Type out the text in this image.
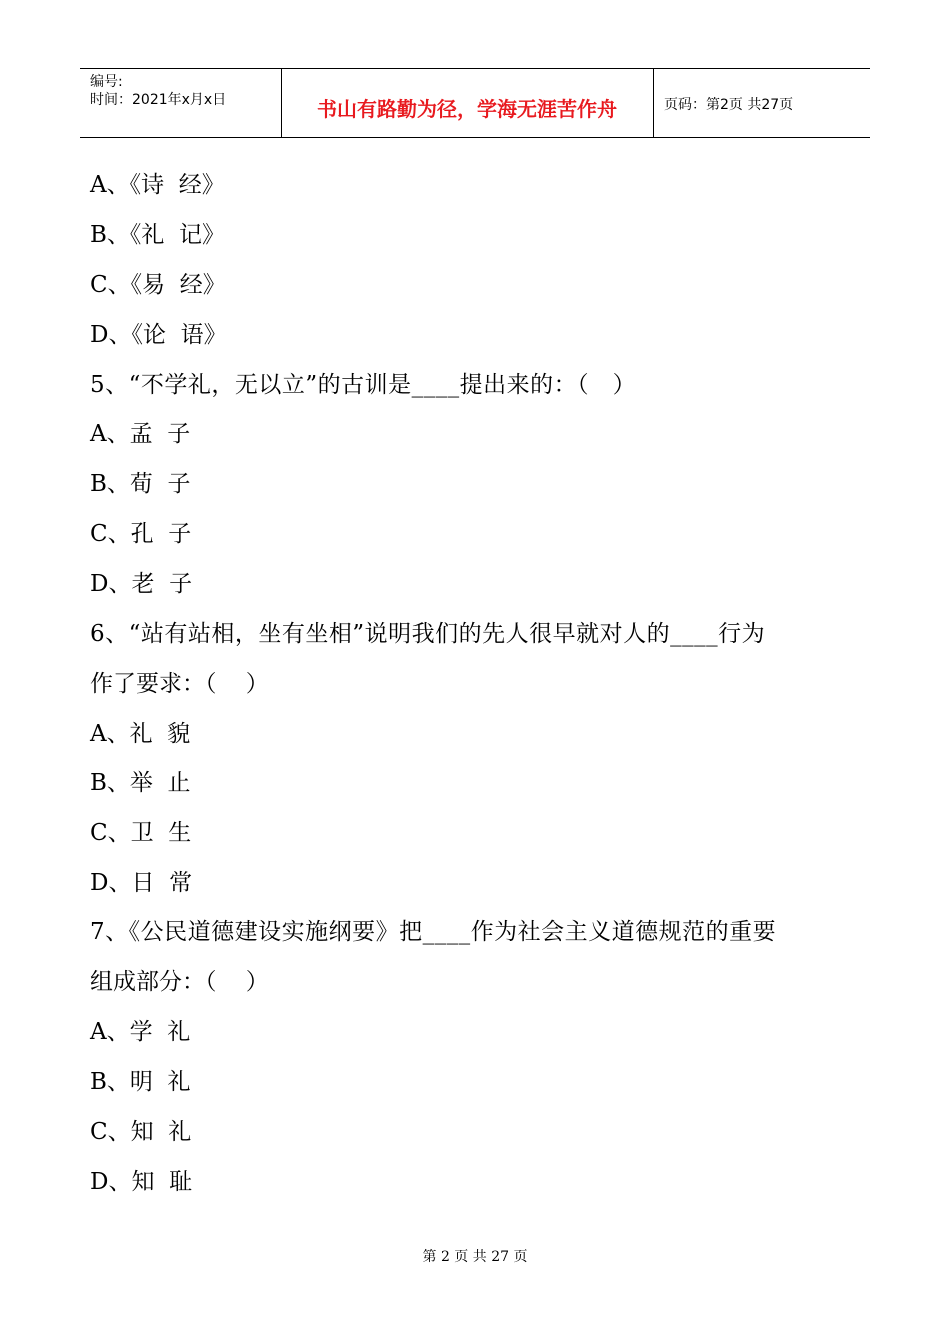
编号:
时间：2021年x月x日	书山有路勤为径，学海无涯苦作舟	页码：第2页 共27页
A、《诗  经》
B、《礼  记》
C、《易  经》
D、《论  语》
5、“不学礼，无以立”的古训是____提出来的：（   ）
A、孟  子
B、荀  子
C、孔  子
D、老  子
6、“站有站相，坐有坐相”说明我们的先人很早就对人的____行为
作了要求：（    ）
A、礼  貌
B、举  止
C、卫  生
D、日  常
7、《公民道德建设实施纲要》把____作为社会主义道德规范的重要
组成部分：（    ）
A、学  礼
B、明  礼
C、知  礼
D、知  耻
第 2 页 共 27 页
